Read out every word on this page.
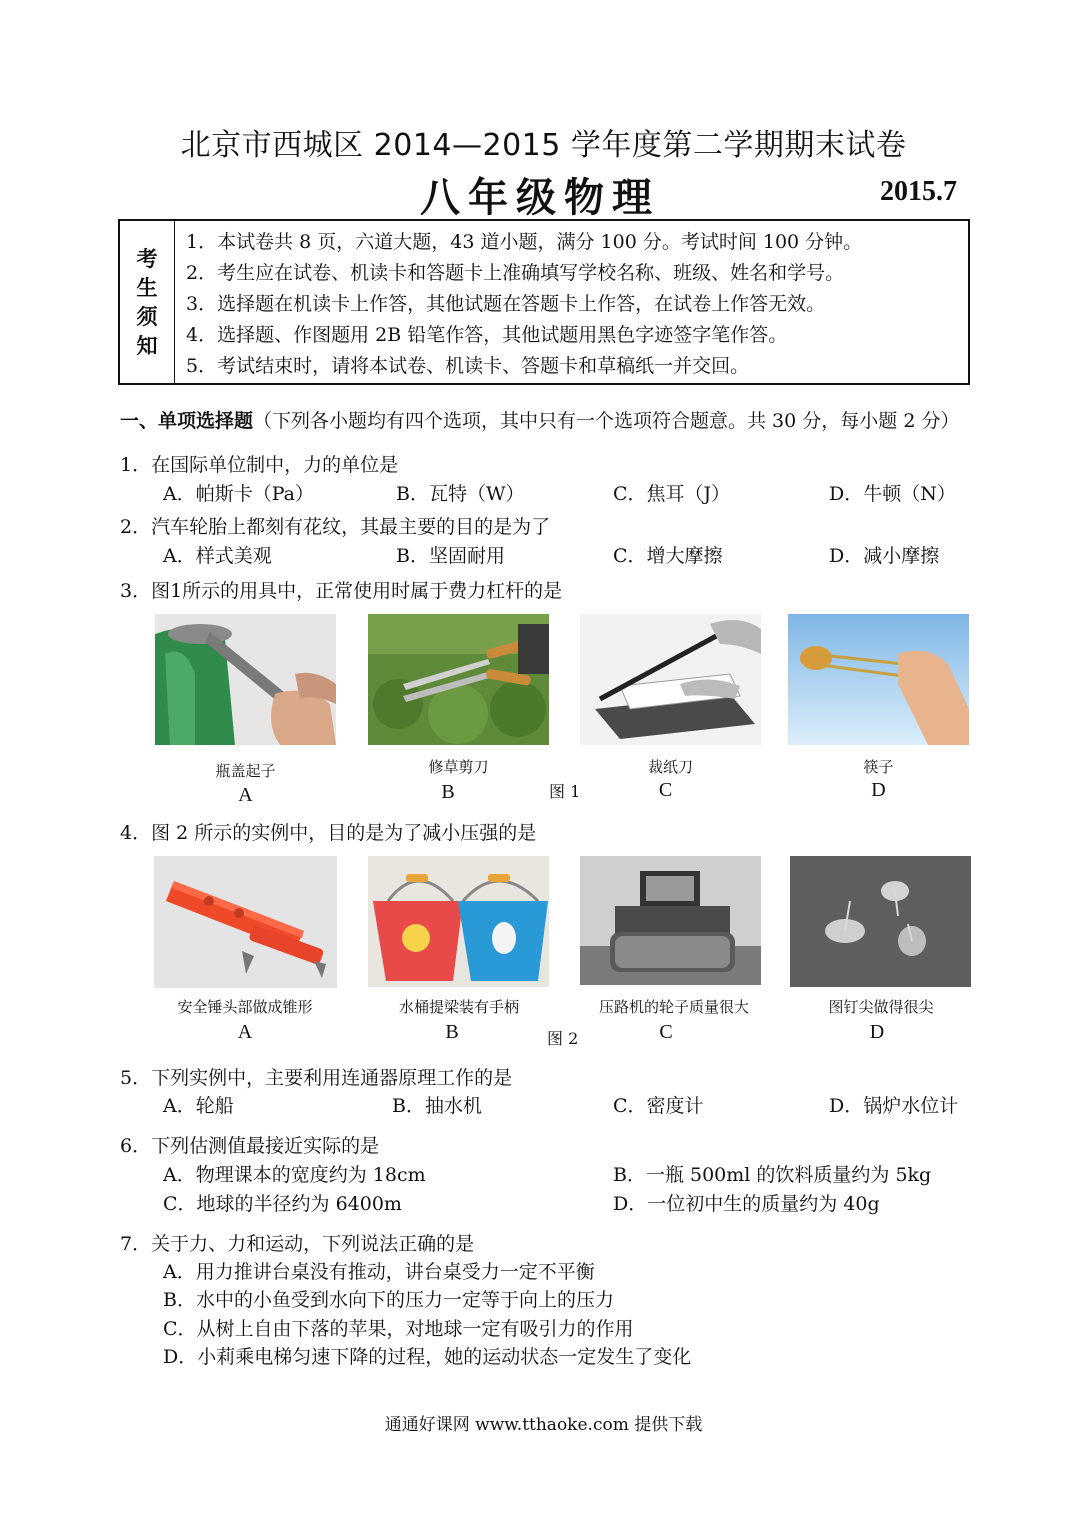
北京市西城区 2014—2015 学年度第二学期期末试卷
八年级物理	2015.7
考
生
须
知
1．本试卷共 8 页，六道大题，43 道小题，满分 100 分。考试时间 100 分钟。
2．考生应在试卷、机读卡和答题卡上准确填写学校名称、班级、姓名和学号。
3．选择题在机读卡上作答，其他试题在答题卡上作答，在试卷上作答无效。
4．选择题、作图题用 2B 铅笔作答，其他试题用黑色字迹签字笔作答。
5．考试结束时，请将本试卷、机读卡、答题卡和草稿纸一并交回。
一、单项选择题（下列各小题均有四个选项，其中只有一个选项符合题意。共 30 分，每小题 2 分）
1．在国际单位制中，力的单位是
A．帕斯卡（Pa）	B．瓦特（W）	C．焦耳（J）	D．牛顿（N）
2．汽车轮胎上都刻有花纹，其最主要的目的是为了
A．样式美观	B．坚固耐用	C．增大摩擦	D．减小摩擦
3．图1所示的用具中，正常使用时属于费力杠杆的是
瓶盖起子	修草剪刀	裁纸刀	筷子
A	B	图 1	C	D
4．图 2 所示的实例中，目的是为了减小压强的是
安全锤头部做成锥形	水桶提梁装有手柄	压路机的轮子质量很大	图钉尖做得很尖
A	B	图 2	C	D
5．下列实例中，主要利用连通器原理工作的是
A．轮船	B．抽水机	C．密度计	D．锅炉水位计
6．下列估测值最接近实际的是
A．物理课本的宽度约为 18cm	B．一瓶 500ml 的饮料质量约为 5kg
C．地球的半径约为 6400m	D．一位初中生的质量约为 40g
7．关于力、力和运动，下列说法正确的是
A．用力推讲台桌没有推动，讲台桌受力一定不平衡
B．水中的小鱼受到水向下的压力一定等于向上的压力
C．从树上自由下落的苹果，对地球一定有吸引力的作用
D．小莉乘电梯匀速下降的过程，她的运动状态一定发生了变化
通通好课网 www.tthaoke.com 提供下载
